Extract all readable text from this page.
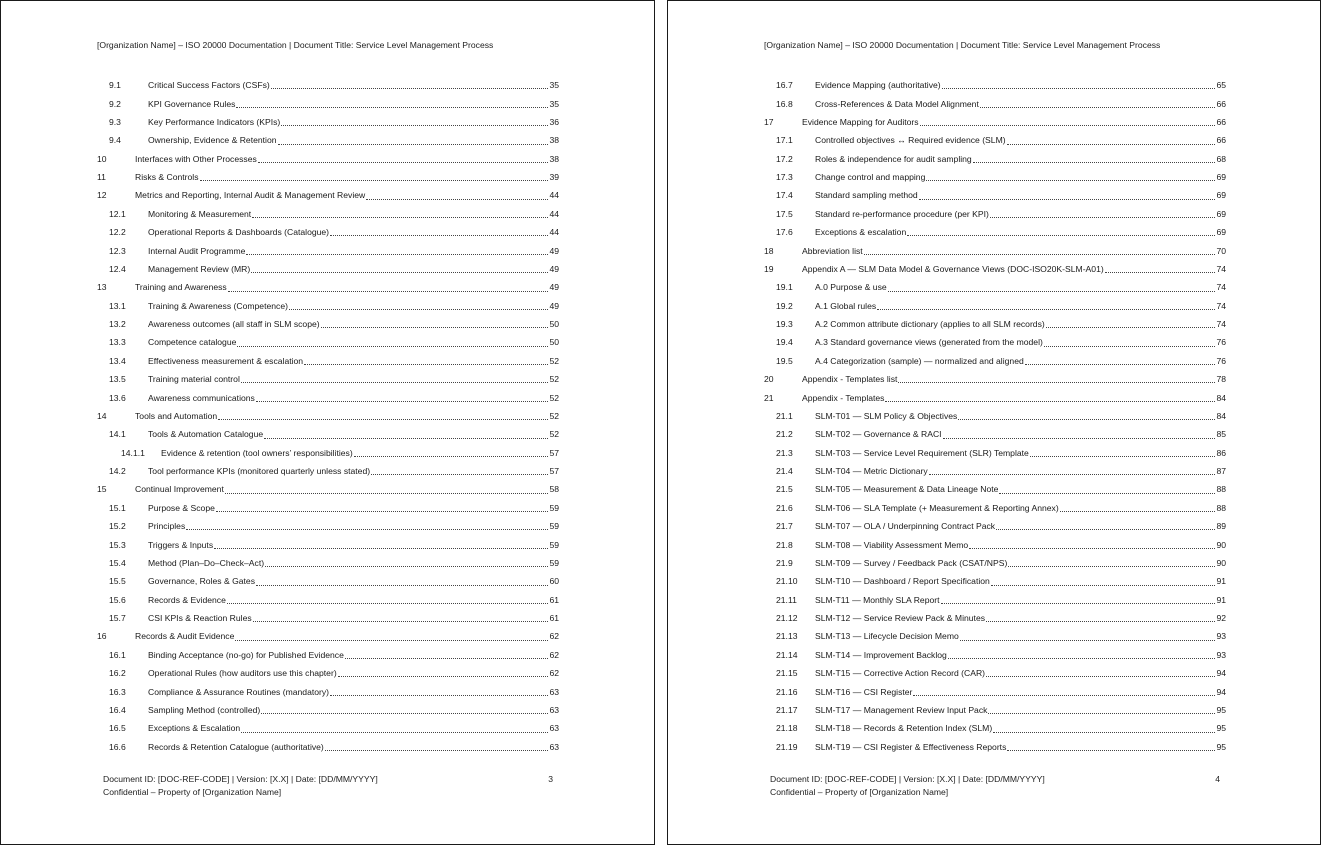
[Organization Name] – ISO 20000 Documentation | Document Title: Service Level Management Process
9.1	Critical Success Factors (CSFs)	35
9.2	KPI Governance Rules	35
9.3	Key Performance Indicators (KPIs)	36
9.4	Ownership, Evidence & Retention	38
10	Interfaces with Other Processes	38
11	Risks & Controls	39
12	Metrics and Reporting, Internal Audit & Management Review	44
12.1	Monitoring & Measurement	44
12.2	Operational Reports & Dashboards (Catalogue)	44
12.3	Internal Audit Programme	49
12.4	Management Review (MR)	49
13	Training and Awareness	49
13.1	Training & Awareness (Competence)	49
13.2	Awareness outcomes (all staff in SLM scope)	50
13.3	Competence catalogue	50
13.4	Effectiveness measurement & escalation	52
13.5	Training material control	52
13.6	Awareness communications	52
14	Tools and Automation	52
14.1	Tools & Automation Catalogue	52
14.1.1	Evidence & retention (tool owners’ responsibilities)	57
14.2	Tool performance KPIs (monitored quarterly unless stated)	57
15	Continual Improvement	58
15.1	Purpose & Scope	59
15.2	Principles	59
15.3	Triggers & Inputs	59
15.4	Method (Plan–Do–Check–Act)	59
15.5	Governance, Roles & Gates	60
15.6	Records & Evidence	61
15.7	CSI KPIs & Reaction Rules	61
16	Records & Audit Evidence	62
16.1	Binding Acceptance (no-go) for Published Evidence	62
16.2	Operational Rules (how auditors use this chapter)	62
16.3	Compliance & Assurance Routines (mandatory)	63
16.4	Sampling Method (controlled)	63
16.5	Exceptions & Escalation	63
16.6	Records & Retention Catalogue (authoritative)	63
Document ID: [DOC-REF-CODE] | Version: [X.X] | Date: [DD/MM/YYYY]
Confidential – Property of [Organization Name]
3
[Organization Name] – ISO 20000 Documentation | Document Title: Service Level Management Process
16.7	Evidence Mapping (authoritative)	65
16.8	Cross-References & Data Model Alignment	66
17	Evidence Mapping for Auditors	66
17.1	Controlled objectives ↔ Required evidence (SLM)	66
17.2	Roles & independence for audit sampling	68
17.3	Change control and mapping	69
17.4	Standard sampling method	69
17.5	Standard re-performance procedure (per KPI)	69
17.6	Exceptions & escalation	69
18	Abbreviation list	70
19	Appendix A — SLM Data Model & Governance Views (DOC-ISO20K-SLM-A01)	74
19.1	A.0 Purpose & use	74
19.2	A.1 Global rules	74
19.3	A.2 Common attribute dictionary (applies to all SLM records)	74
19.4	A.3 Standard governance views (generated from the model)	76
19.5	A.4 Categorization (sample) — normalized and aligned	76
20	Appendix - Templates list	78
21	Appendix - Templates	84
21.1	SLM-T01 — SLM Policy & Objectives	84
21.2	SLM-T02 — Governance & RACI	85
21.3	SLM-T03 — Service Level Requirement (SLR) Template	86
21.4	SLM-T04 — Metric Dictionary	87
21.5	SLM-T05 — Measurement & Data Lineage Note	88
21.6	SLM-T06 — SLA Template (+ Measurement & Reporting Annex)	88
21.7	SLM-T07 — OLA / Underpinning Contract Pack	89
21.8	SLM-T08 — Viability Assessment Memo	90
21.9	SLM-T09 — Survey / Feedback Pack (CSAT/NPS)	90
21.10	SLM-T10 — Dashboard / Report Specification	91
21.11	SLM-T11 — Monthly SLA Report	91
21.12	SLM-T12 — Service Review Pack & Minutes	92
21.13	SLM-T13 — Lifecycle Decision Memo	93
21.14	SLM-T14 — Improvement Backlog	93
21.15	SLM-T15 — Corrective Action Record (CAR)	94
21.16	SLM-T16 — CSI Register	94
21.17	SLM-T17 — Management Review Input Pack	95
21.18	SLM-T18 — Records & Retention Index (SLM)	95
21.19	SLM-T19 — CSI Register & Effectiveness Reports	95
Document ID: [DOC-REF-CODE] | Version: [X.X] | Date: [DD/MM/YYYY]
Confidential – Property of [Organization Name]
4
